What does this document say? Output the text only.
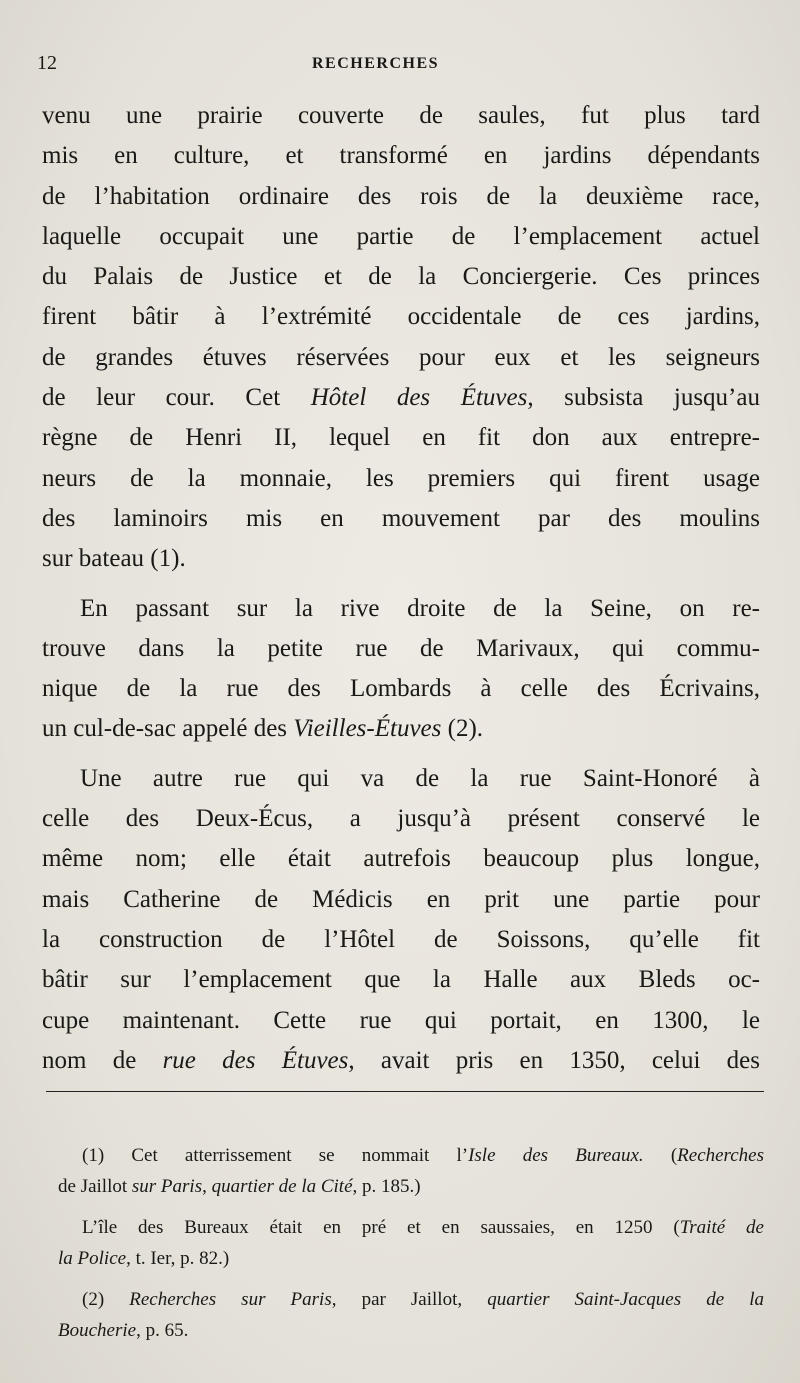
12	RECHERCHES
venu une prairie couverte de saules, fut plus tard
mis en culture, et transformé en jardins dépendants
de l’habitation ordinaire des rois de la deuxième race,
laquelle occupait une partie de l’emplacement actuel
du Palais de Justice et de la Conciergerie. Ces princes
firent bâtir à l’extrémité occidentale de ces jardins,
de grandes étuves réservées pour eux et les seigneurs
de leur cour. Cet Hôtel des Étuves, subsista jusqu’au
règne de Henri II, lequel en fit don aux entrepre-
neurs de la monnaie, les premiers qui firent usage
des laminoirs mis en mouvement par des moulins
sur bateau (1).
En passant sur la rive droite de la Seine, on re-
trouve dans la petite rue de Marivaux, qui commu-
nique de la rue des Lombards à celle des Écrivains,
un cul-de-sac appelé des Vieilles-Étuves (2).
Une autre rue qui va de la rue Saint-Honoré à
celle des Deux-Écus, a jusqu’à présent conservé le
même nom; elle était autrefois beaucoup plus longue,
mais Catherine de Médicis en prit une partie pour
la construction de l’Hôtel de Soissons, qu’elle fit
bâtir sur l’emplacement que la Halle aux Bleds oc-
cupe maintenant. Cette rue qui portait, en 1300, le
nom de rue des Étuves, avait pris en 1350, celui des
(1) Cet atterrissement se nommait l’Isle des Bureaux. (Recherches
de Jaillot sur Paris, quartier de la Cité, p. 185.)
L’île des Bureaux était en pré et en saussaies, en 1250 (Traité de
la Police, t. Ier, p. 82.)
(2) Recherches sur Paris, par Jaillot, quartier Saint-Jacques de la
Boucherie, p. 65.
